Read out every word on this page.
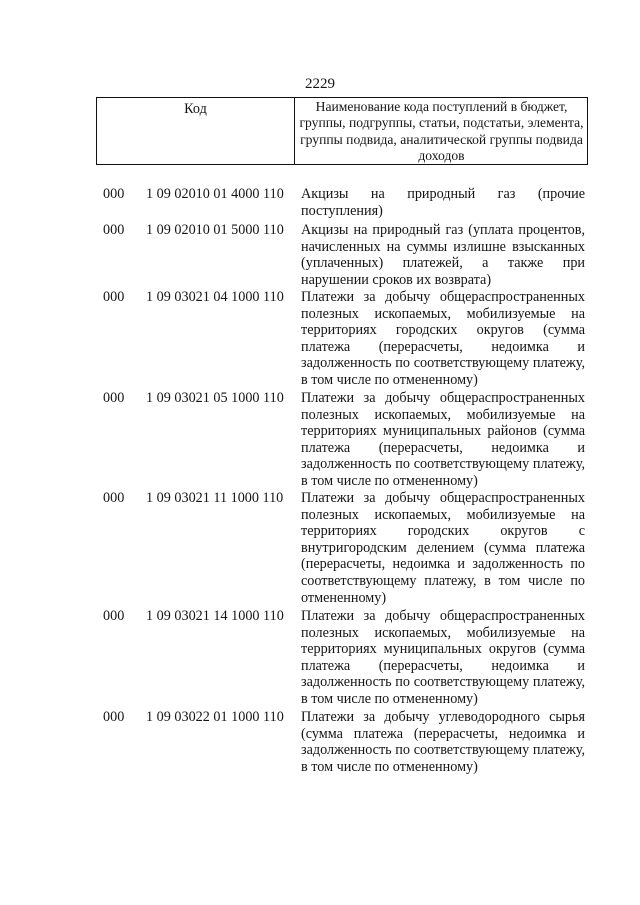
2229
Код	Наименование кода поступлений в бюджет, группы, подгруппы, статьи, подстатьи, элемента, группы подвида, аналитической группы подвида доходов
000 1 09 02010 01 4000 110	Акцизы на природный газ (прочие поступления)
000 1 09 02010 01 5000 110	Акцизы на природный газ (уплата процентов, начисленных на суммы излишне взысканных (уплаченных) платежей, а также при нарушении сроков их возврата)
000 1 09 03021 04 1000 110	Платежи за добычу общераспространенных полезных ископаемых, мобилизуемые на территориях городских округов (сумма платежа (перерасчеты, недоимка и задолженность по соответствующему платежу, в том числе по отмененному)
000 1 09 03021 05 1000 110	Платежи за добычу общераспространенных полезных ископаемых, мобилизуемые на территориях муниципальных районов (сумма платежа (перерасчеты, недоимка и задолженность по соответствующему платежу, в том числе по отмененному)
000 1 09 03021 11 1000 110	Платежи за добычу общераспространенных полезных ископаемых, мобилизуемые на территориях городских округов с внутригородским делением (сумма платежа (перерасчеты, недоимка и задолженность по соответствующему платежу, в том числе по отмененному)
000 1 09 03021 14 1000 110	Платежи за добычу общераспространенных полезных ископаемых, мобилизуемые на территориях муниципальных округов (сумма платежа (перерасчеты, недоимка и задолженность по соответствующему платежу, в том числе по отмененному)
000 1 09 03022 01 1000 110	Платежи за добычу углеводородного сырья (сумма платежа (перерасчеты, недоимка и задолженность по соответствующему платежу, в том числе по отмененному)
